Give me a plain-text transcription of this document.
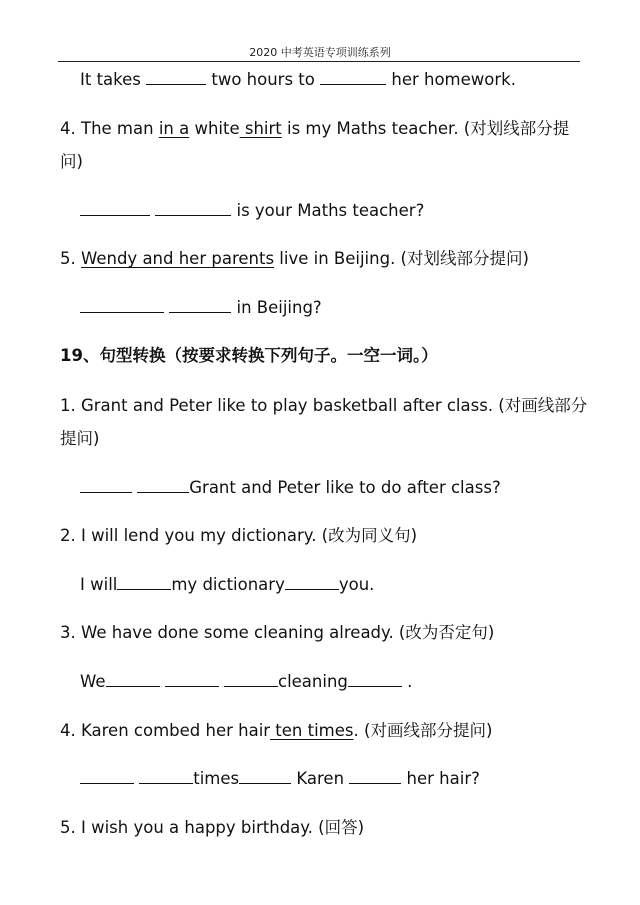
2020 中考英语专项训练系列
It takes	two hours to	her homework.
4. The man in a white shirt is my Maths teacher. (对划线部分提
问)
is your Maths teacher?
5. Wendy and her parents live in Beijing. (对划线部分提问)
in Beijing?
19、句型转换（按要求转换下列句子。一空一词。）
1. Grant and Peter like to play basketball after class. (对画线部分
提问)
Grant and Peter like to do after class?
2. I will lend you my dictionary. (改为同义句)
I will	my dictionary	you.
3. We have done some cleaning already. (改为否定句)
We	cleaning	.
4. Karen combed her hair ten times. (对画线部分提问)
times	Karen	her hair?
5. I wish you a happy birthday. (回答)
